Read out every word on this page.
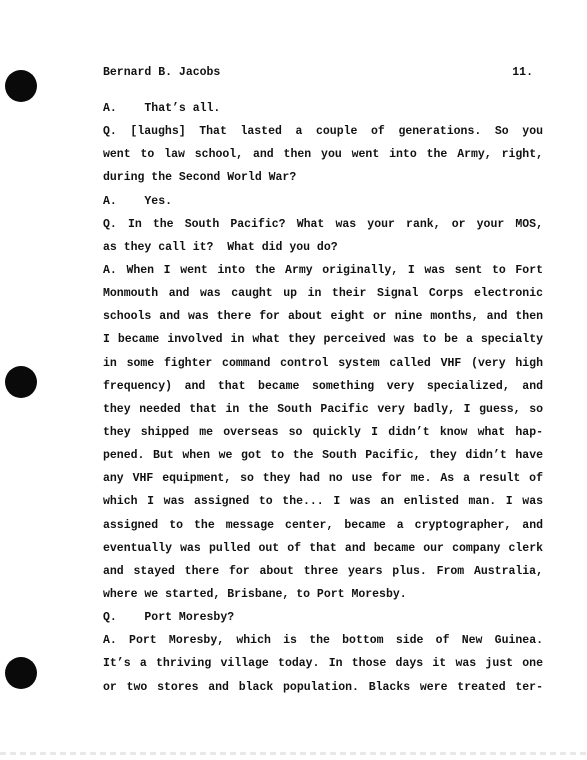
Bernard B. Jacobs	11.
A.    That’s all.
Q. [laughs] That lasted a couple of generations. So you
went to law school, and then you went into the Army, right,
during the Second World War?
A.    Yes.
Q. In the South Pacific? What was your rank, or your MOS,
as they call it?  What did you do?
A. When I went into the Army originally, I was sent to Fort
Monmouth and was caught up in their Signal Corps electronic
schools and was there for about eight or nine months, and then
I became involved in what they perceived was to be a specialty
in some fighter command control system called VHF (very high
frequency) and that became something very specialized, and
they needed that in the South Pacific very badly, I guess, so
they shipped me overseas so quickly I didn’t know what hap-
pened. But when we got to the South Pacific, they didn’t have
any VHF equipment, so they had no use for me. As a result of
which I was assigned to the... I was an enlisted man. I was
assigned to the message center, became a cryptographer, and
eventually was pulled out of that and became our company clerk
and stayed there for about three years plus. From Australia,
where we started, Brisbane, to Port Moresby.
Q.    Port Moresby?
A. Port Moresby, which is the bottom side of New Guinea.
It’s a thriving village today. In those days it was just one
or two stores and black population. Blacks were treated ter-
